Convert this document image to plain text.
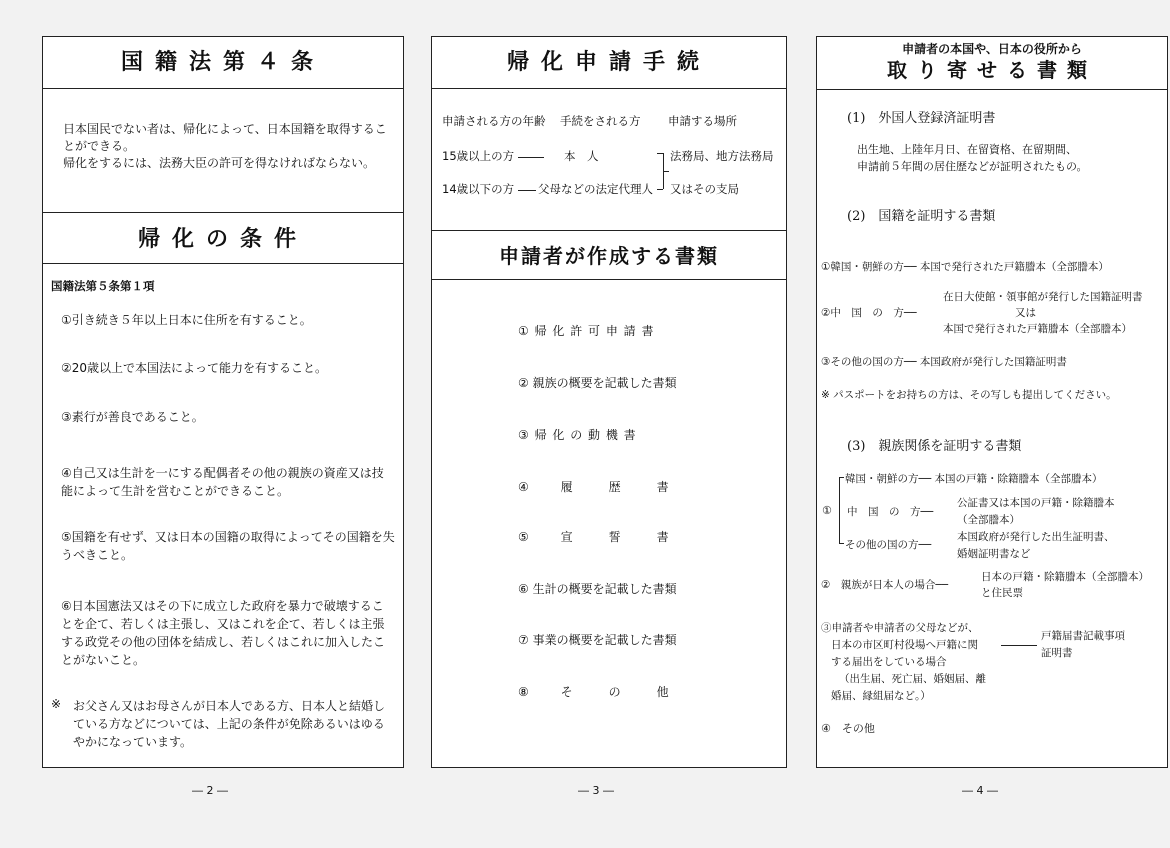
国籍法第４条
日本国民でない者は、帰化によって、日本国籍を取得することができる。
帰化をするには、法務大臣の許可を得なければならない。
帰化の条件
国籍法第５条第１項
①引き続き５年以上日本に住所を有すること。
②20歳以上で本国法によって能力を有すること。
③素行が善良であること。
④自己又は生計を一にする配偶者その他の親族の資産又は技能によって生計を営むことができること。
⑤国籍を有せず、又は日本の国籍の取得によってその国籍を失うべきこと。
⑥日本国憲法又はその下に成立した政府を暴力で破壊することを企て、若しくは主張し、又はこれを企て、若しくは主張する政党その他の団体を結成し、若しくはこれに加入したことがないこと。
※ お父さん又はお母さんが日本人である方、日本人と結婚している方などについては、上記の条件が免除あるいはゆるやかになっています。
― 2 ―
帰化申請手続
申請される方の年齢 手続をされる方 申請する場所
15歳以上の方	本　人
14歳以下の方 父母などの法定代理人
法務局、地方法務局
又はその支局
申請者が作成する書類
① 帰 化 許 可 申 請 書
② 親族の概要を記載した書類
③ 帰 化 の 動 機 書
④ 履　　　歴　　　書
⑤ 宣　　　誓　　　書
⑥ 生計の概要を記載した書類
⑦ 事業の概要を記載した書類
⑧ そ　　　の　　　他
― 3 ―
申請者の本国や、日本の役所から
取り寄せる書類
(1)　外国人登録済証明書
出生地、上陸年月日、在留資格、在留期間、
申請前５年間の居住歴などが証明されたもの。
(2)　国籍を証明する書類
①韓国・朝鮮の方── 本国で発行された戸籍謄本（全部謄本）
②中　国　の　方──
在日大使館・領事館が発行した国籍証明書
又は
本国で発行された戸籍謄本（全部謄本）
③その他の国の方── 本国政府が発行した国籍証明書
※ パスポートをお持ちの方は、その写しも提出してください。
(3)　親族関係を証明する書類
①
韓国・朝鮮の方── 本国の戸籍・除籍謄本（全部謄本）
中　国　の　方──
公証書又は本国の戸籍・除籍謄本
（全部謄本）
その他の国の方──
本国政府が発行した出生証明書、
婚姻証明書など
②　親族が日本人の場合──
日本の戸籍・除籍謄本（全部謄本）
と住民票
③申請者や申請者の父母などが、
日本の市区町村役場へ戸籍に関
する届出をしている場合
（出生届、死亡届、婚姻届、離
婚届、縁組届など。）
戸籍届書記載事項
証明書
④　その他
― 4 ―
